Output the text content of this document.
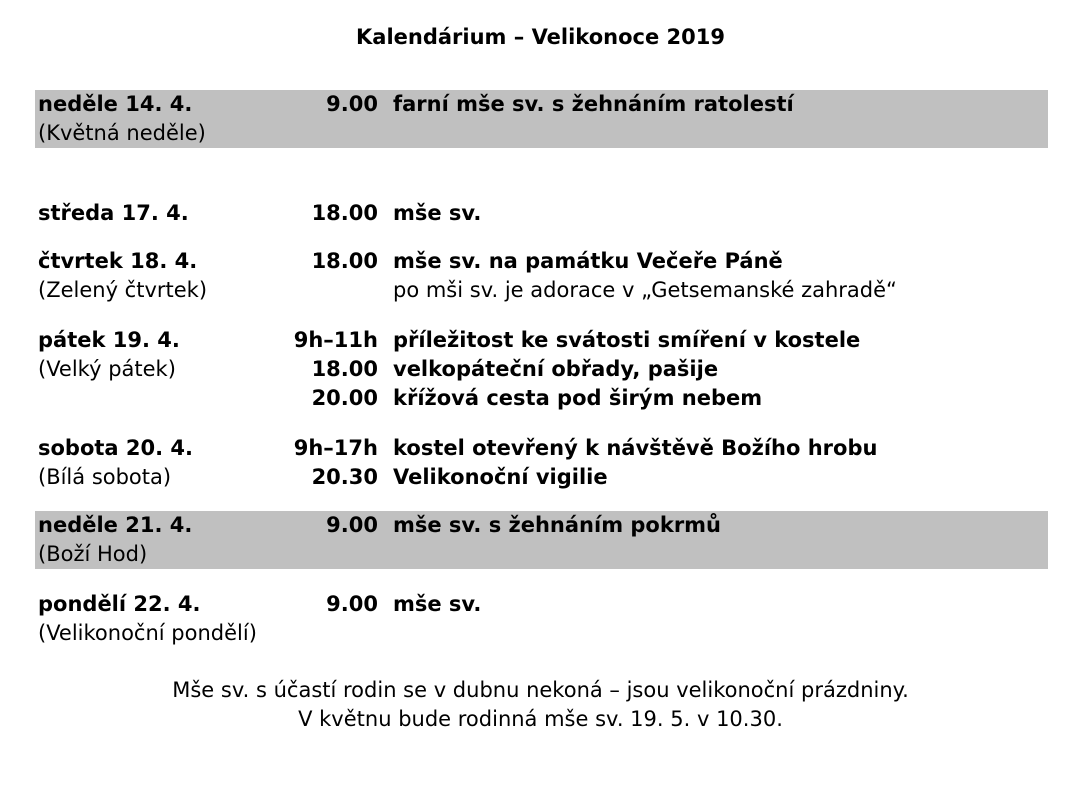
Kalendárium – Velikonoce 2019
neděle 14. 4.	9.00 farní mše sv. s žehnáním ratolestí
(Květná neděle)
středa 17. 4.	18.00 mše sv.
čtvrtek 18. 4.	18.00 mše sv. na památku Večeře Páně
(Zelený čtvrtek)	po mši sv. je adorace v „Getsemanské zahradě“
pátek 19. 4.	9h–11h příležitost ke svátosti smíření v kostele
(Velký pátek)	18.00 velkopáteční obřady, pašije
20.00 křížová cesta pod širým nebem
sobota 20. 4.	9h–17h kostel otevřený k návštěvě Božího hrobu
(Bílá sobota)	20.30 Velikonoční vigilie
neděle 21. 4.	9.00 mše sv. s žehnáním pokrmů
(Boží Hod)
pondělí 22. 4.	9.00 mše sv.
(Velikonoční pondělí)
Mše sv. s účastí rodin se v dubnu nekoná – jsou velikonoční prázdniny.
V květnu bude rodinná mše sv. 19. 5. v 10.30.
